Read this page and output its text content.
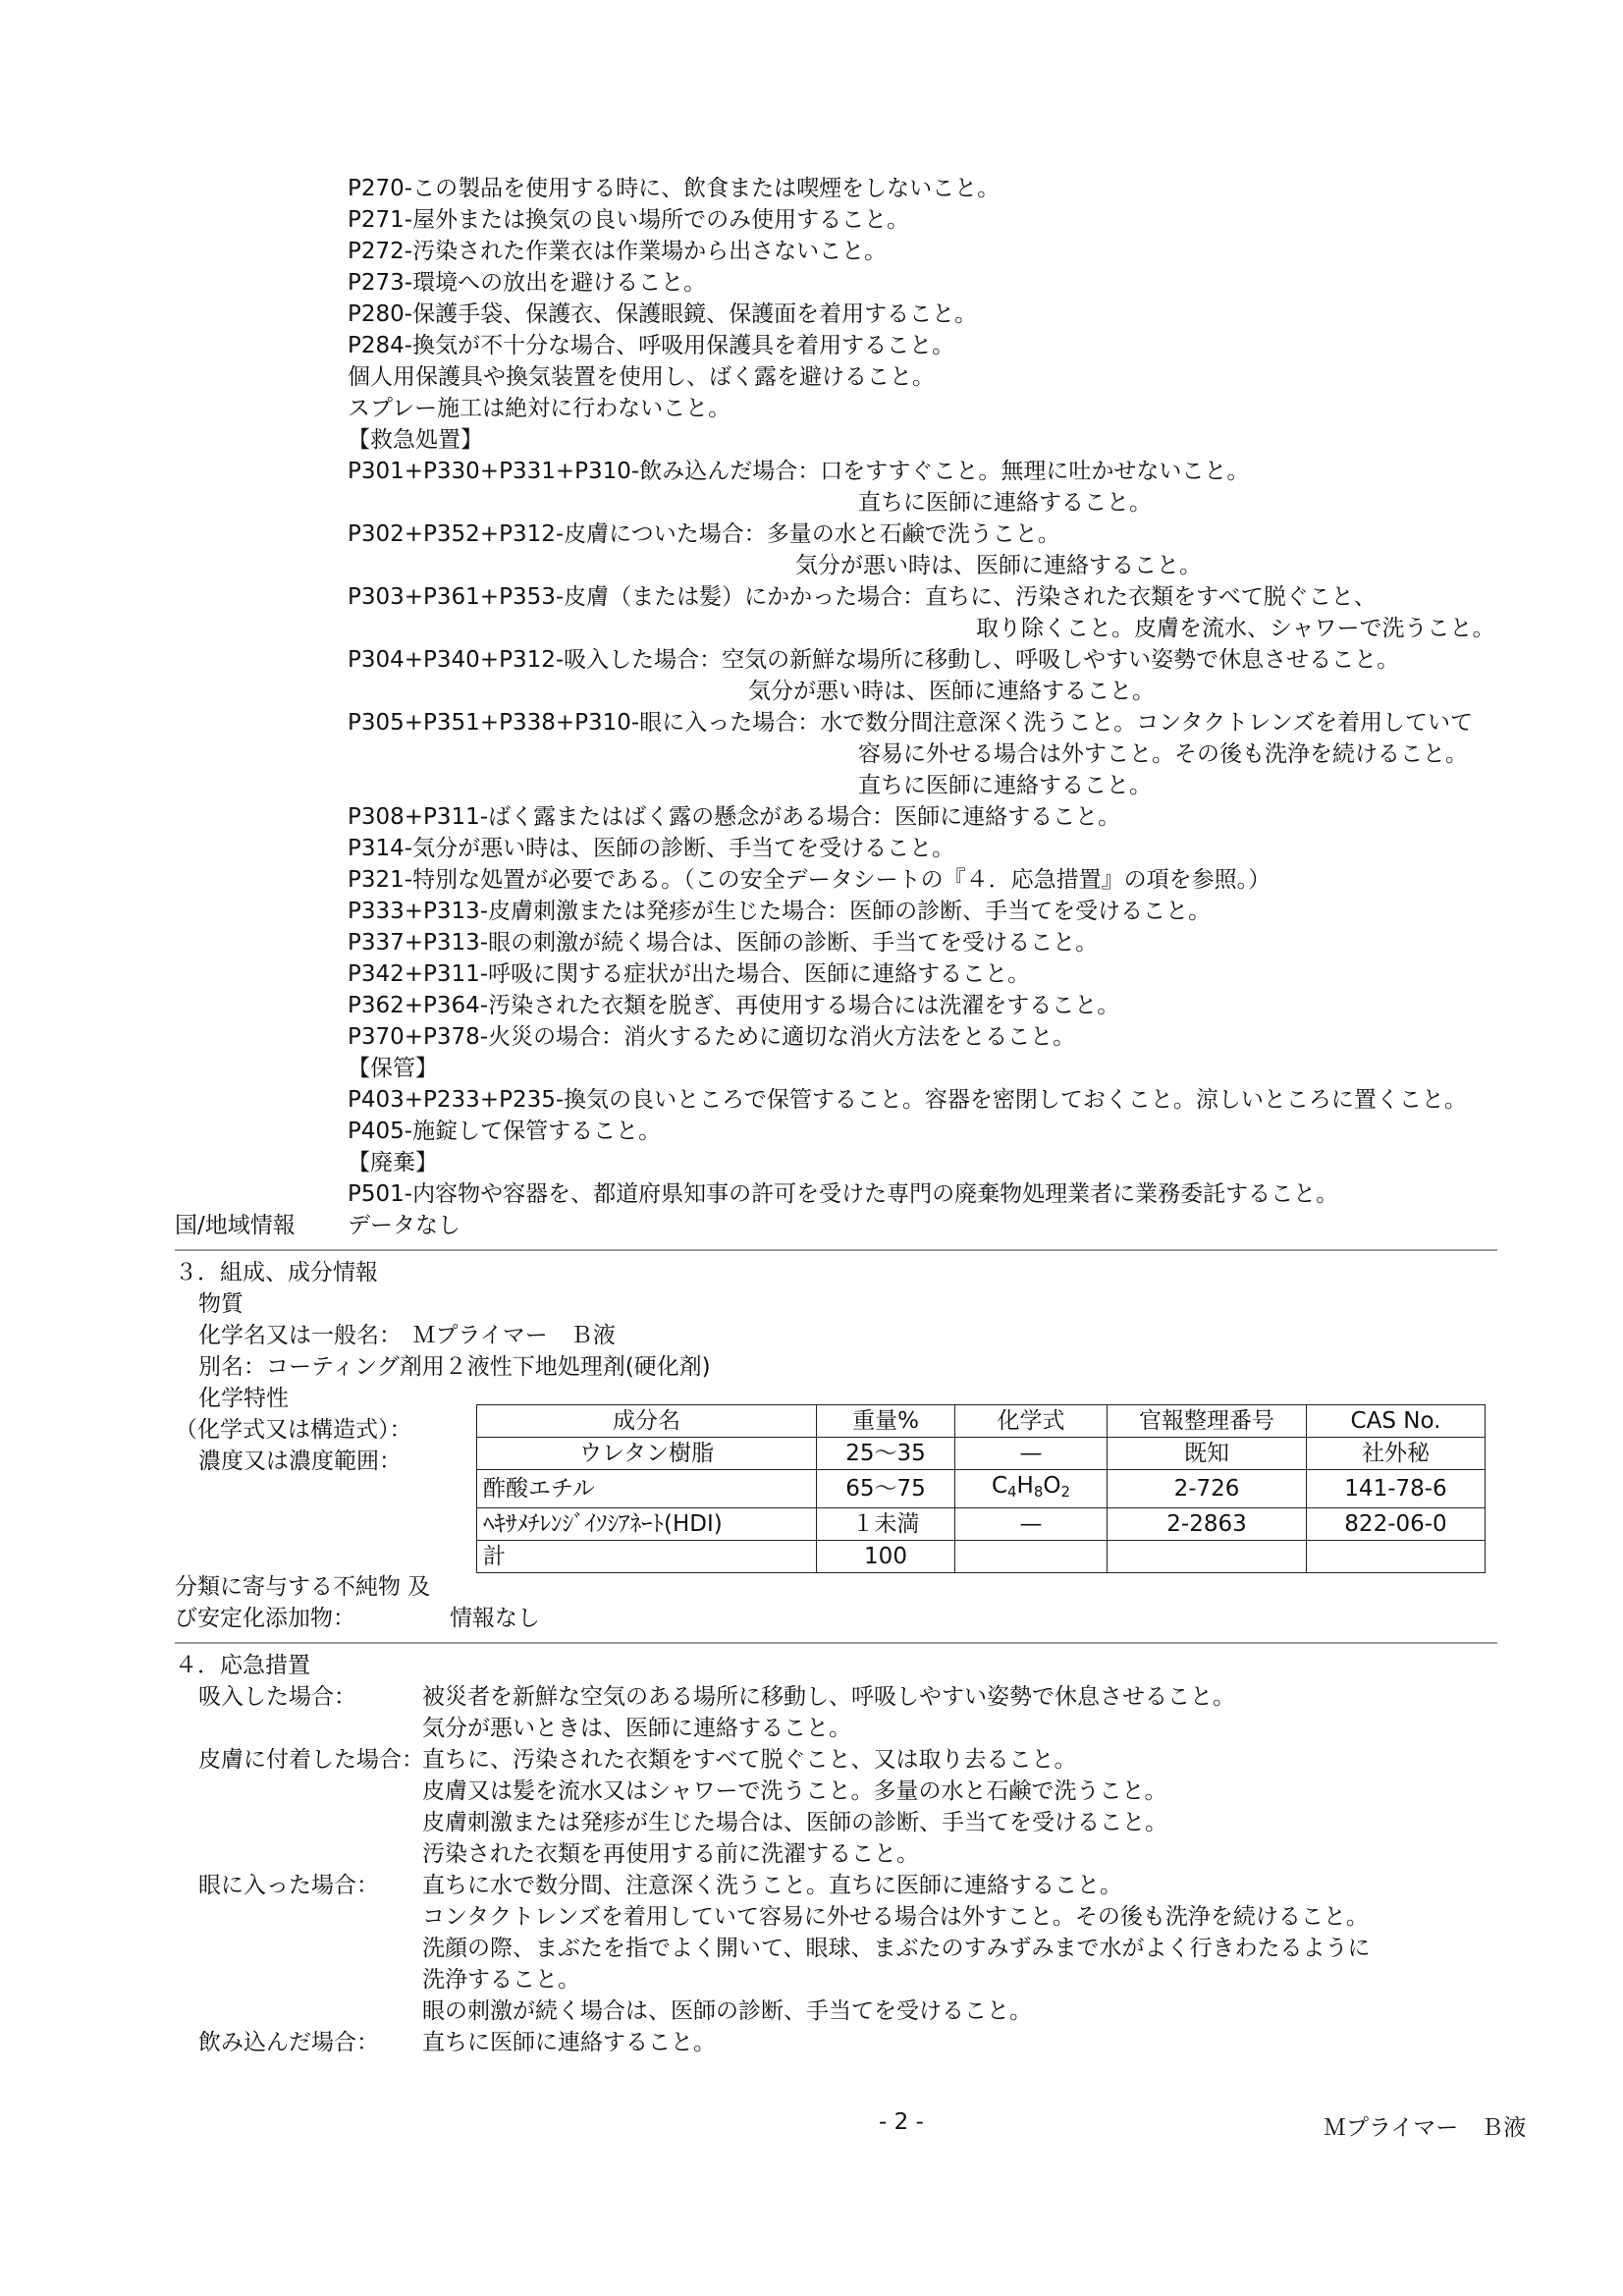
P270-この製品を使用する時に、飲食または喫煙をしないこと。
P271-屋外または換気の良い場所でのみ使用すること。
P272-汚染された作業衣は作業場から出さないこと。
P273-環境への放出を避けること。
P280-保護手袋、保護衣、保護眼鏡、保護面を着用すること。
P284-換気が不十分な場合、呼吸用保護具を着用すること。
個人用保護具や換気装置を使用し、ばく露を避けること。
スプレー施工は絶対に行わないこと。
【救急処置】
P301+P330+P331+P310-飲み込んだ場合：口をすすぐこと。無理に吐かせないこと。
直ちに医師に連絡すること。
P302+P352+P312-皮膚についた場合：多量の水と石鹸で洗うこと。
気分が悪い時は、医師に連絡すること。
P303+P361+P353-皮膚（または髪）にかかった場合：直ちに、汚染された衣類をすべて脱ぐこと、
取り除くこと。皮膚を流水、シャワーで洗うこと。
P304+P340+P312-吸入した場合：空気の新鮮な場所に移動し、呼吸しやすい姿勢で休息させること。
気分が悪い時は、医師に連絡すること。
P305+P351+P338+P310-眼に入った場合：水で数分間注意深く洗うこと。コンタクトレンズを着用していて
容易に外せる場合は外すこと。その後も洗浄を続けること。
直ちに医師に連絡すること。
P308+P311-ばく露またはばく露の懸念がある場合：医師に連絡すること。
P314-気分が悪い時は、医師の診断、手当てを受けること。
P321-特別な処置が必要である。（この安全データシートの『４．応急措置』の項を参照。）
P333+P313-皮膚刺激または発疹が生じた場合：医師の診断、手当てを受けること。
P337+P313-眼の刺激が続く場合は、医師の診断、手当てを受けること。
P342+P311-呼吸に関する症状が出た場合、医師に連絡すること。
P362+P364-汚染された衣類を脱ぎ、再使用する場合には洗濯をすること。
P370+P378-火災の場合：消火するために適切な消火方法をとること。
【保管】
P403+P233+P235-換気の良いところで保管すること。容器を密閉しておくこと。涼しいところに置くこと。
P405-施錠して保管すること。
【廃棄】
P501-内容物や容器を、都道府県知事の許可を受けた専門の廃棄物処理業者に業務委託すること。
国/地域情報 データなし
３．組成、成分情報
物質
化学名又は一般名：　Ｍプライマー　Ｂ液
別名：コーティング剤用２液性下地処理剤(硬化剤)
化学特性
（化学式又は構造式）：
濃度又は濃度範囲：
成分名	重量%	化学式	官報整理番号	CAS No.
ウレタン樹脂	25～35	—	既知	社外秘
酢酸エチル	65～75	$C_4H_8O_2$	2-726	141-78-6
ﾍｷｻﾒﾁﾚﾝｼﾞｲｿｼｱﾈｰﾄ(HDI)	１未満	—	2-2863	822-06-0
計	100			
分類に寄与する不純物 及
び安定化添加物：	情報なし
４．応急措置
吸入した場合：	被災者を新鮮な空気のある場所に移動し、呼吸しやすい姿勢で休息させること。
気分が悪いときは、医師に連絡すること。
皮膚に付着した場合：
直ちに、汚染された衣類をすべて脱ぐこと、又は取り去ること。
皮膚又は髪を流水又はシャワーで洗うこと。多量の水と石鹸で洗うこと。
皮膚刺激または発疹が生じた場合は、医師の診断、手当てを受けること。
汚染された衣類を再使用する前に洗濯すること。
眼に入った場合： 直ちに水で数分間、注意深く洗うこと。直ちに医師に連絡すること。
コンタクトレンズを着用していて容易に外せる場合は外すこと。その後も洗浄を続けること。
洗顔の際、まぶたを指でよく開いて、眼球、まぶたのすみずみまで水がよく行きわたるように
洗浄すること。
眼の刺激が続く場合は、医師の診断、手当てを受けること。
飲み込んだ場合： 直ちに医師に連絡すること。
- 2 -	Ｍプライマー　Ｂ液
